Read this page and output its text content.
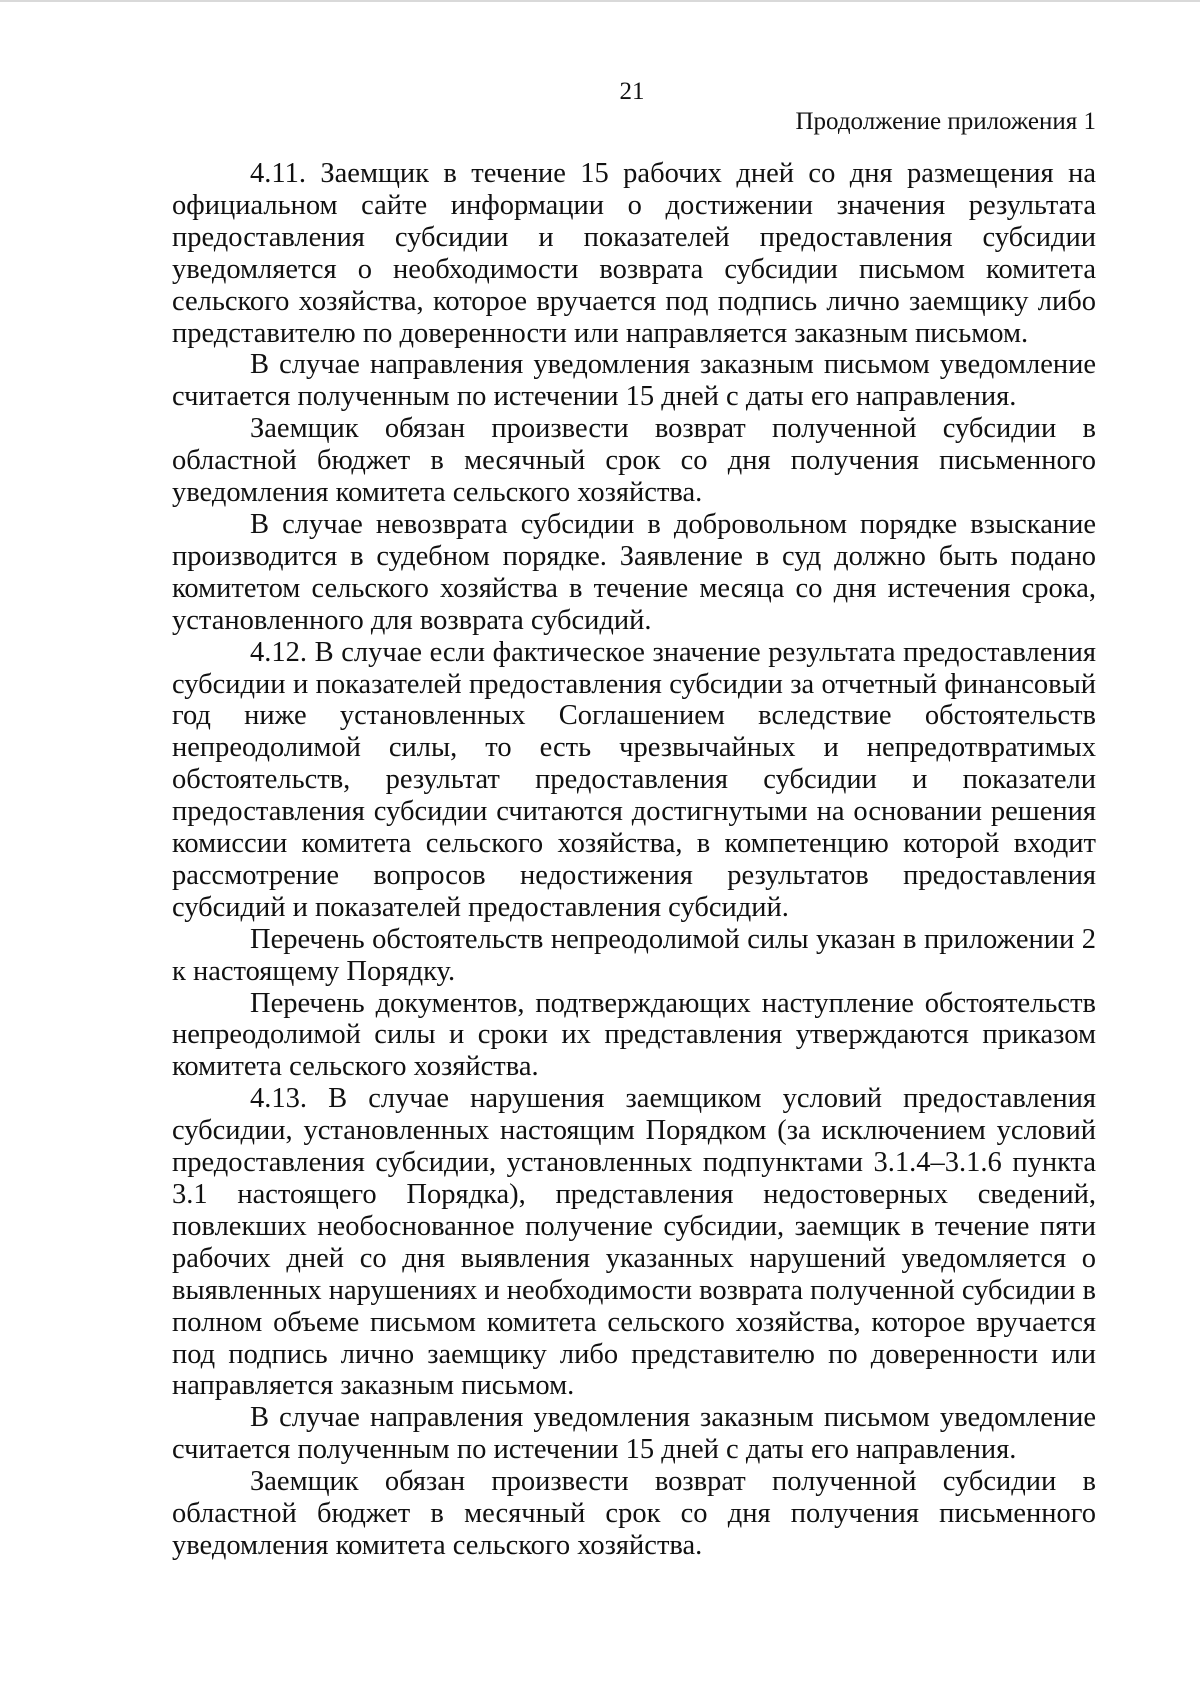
21
Продолжение приложения 1

4.11. Заемщик в течение 15 рабочих дней со дня размещения на официальном сайте информации о достижении значения результата предоставления субсидии и показателей предоставления субсидии уведомляется о необходимости возврата субсидии письмом комитета сельского хозяйства, которое вручается под подпись лично заемщику либо представителю по доверенности или направляется заказным письмом.

В случае направления уведомления заказным письмом уведомление считается полученным по истечении 15 дней с даты его направления.

Заемщик обязан произвести возврат полученной субсидии в областной бюджет в месячный срок со дня получения письменного уведомления комитета сельского хозяйства.

В случае невозврата субсидии в добровольном порядке взыскание производится в судебном порядке. Заявление в суд должно быть подано комитетом сельского хозяйства в течение месяца со дня истечения срока, установленного для возврата субсидий.

4.12. В случае если фактическое значение результата предоставления субсидии и показателей предоставления субсидии за отчетный финансовый год ниже установленных Соглашением вследствие обстоятельств непреодолимой силы, то есть чрезвычайных и непредотвратимых обстоятельств, результат предоставления субсидии и показатели предоставления субсидии считаются достигнутыми на основании решения комиссии комитета сельского хозяйства, в компетенцию которой входит рассмотрение вопросов недостижения результатов предоставления субсидий и показателей предоставления субсидий.

Перечень обстоятельств непреодолимой силы указан в приложении 2 к настоящему Порядку.

Перечень документов, подтверждающих наступление обстоятельств непреодолимой силы и сроки их представления утверждаются приказом комитета сельского хозяйства.

4.13. В случае нарушения заемщиком условий предоставления субсидии, установленных настоящим Порядком (за исключением условий предоставления субсидии, установленных подпунктами 3.1.4–3.1.6 пункта 3.1 настоящего Порядка), представления недостоверных сведений, повлекших необоснованное получение субсидии, заемщик в течение пяти рабочих дней со дня выявления указанных нарушений уведомляется о выявленных нарушениях и необходимости возврата полученной субсидии в полном объеме письмом комитета сельского хозяйства, которое вручается под подпись лично заемщику либо представителю по доверенности или направляется заказным письмом.

В случае направления уведомления заказным письмом уведомление считается полученным по истечении 15 дней с даты его направления.

Заемщик обязан произвести возврат полученной субсидии в областной бюджет в месячный срок со дня получения письменного уведомления комитета сельского хозяйства.
